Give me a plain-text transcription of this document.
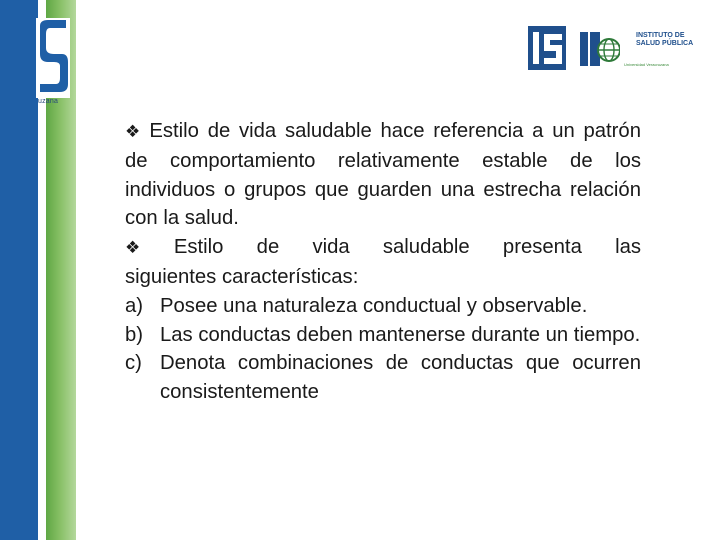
uzana
INSTITUTO DE SALUD PÚBLICA
Universidad Veracruzana

❖ Estilo de vida saludable hace referencia a un patrón de comportamiento relativamente estable de los individuos o grupos que guarden una estrecha relación con la salud.

❖ Estilo de vida saludable presenta las
siguientes características:

a) Posee una naturaleza conductual y observable.
b) Las conductas deben mantenerse durante un tiempo.
c) Denota combinaciones de conductas que ocurren consistentemente
